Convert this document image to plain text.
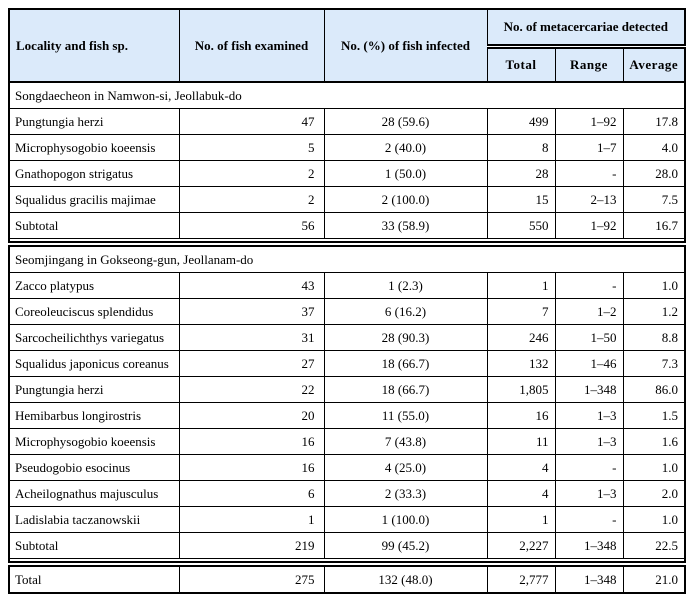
Locality and fish sp.	No. of fish examined	No. (%) of fish infected	No. of metacercariae detected		
			Total	Range	Average
Songdaecheon in Namwon-si, Jeollabuk-do					
Pungtungia herzi	47	28 (59.6)	499	1–92	17.8
Microphysogobio koeensis	5	2 (40.0)	8	1–7	4.0
Gnathopogon strigatus	2	1 (50.0)	28	-	28.0
Squalidus gracilis majimae	2	2 (100.0)	15	2–13	7.5
Subtotal	56	33 (58.9)	550	1–92	16.7

Seomjingang in Gokseong-gun, Jeollanam-do					
Zacco platypus	43	1 (2.3)	1	-	1.0
Coreoleuciscus splendidus	37	6 (16.2)	7	1–2	1.2
Sarcocheilichthys variegatus	31	28 (90.3)	246	1–50	8.8
Squalidus japonicus coreanus	27	18 (66.7)	132	1–46	7.3
Pungtungia herzi	22	18 (66.7)	1,805	1–348	86.0
Hemibarbus longirostris	20	11 (55.0)	16	1–3	1.5
Microphysogobio koeensis	16	7 (43.8)	11	1–3	1.6
Pseudogobio esocinus	16	4 (25.0)	4	-	1.0
Acheilognathus majusculus	6	2 (33.3)	4	1–3	2.0
Ladislabia taczanowskii	1	1 (100.0)	1	-	1.0
Subtotal	219	99 (45.2)	2,227	1–348	22.5

Total	275	132 (48.0)	2,777	1–348	21.0
